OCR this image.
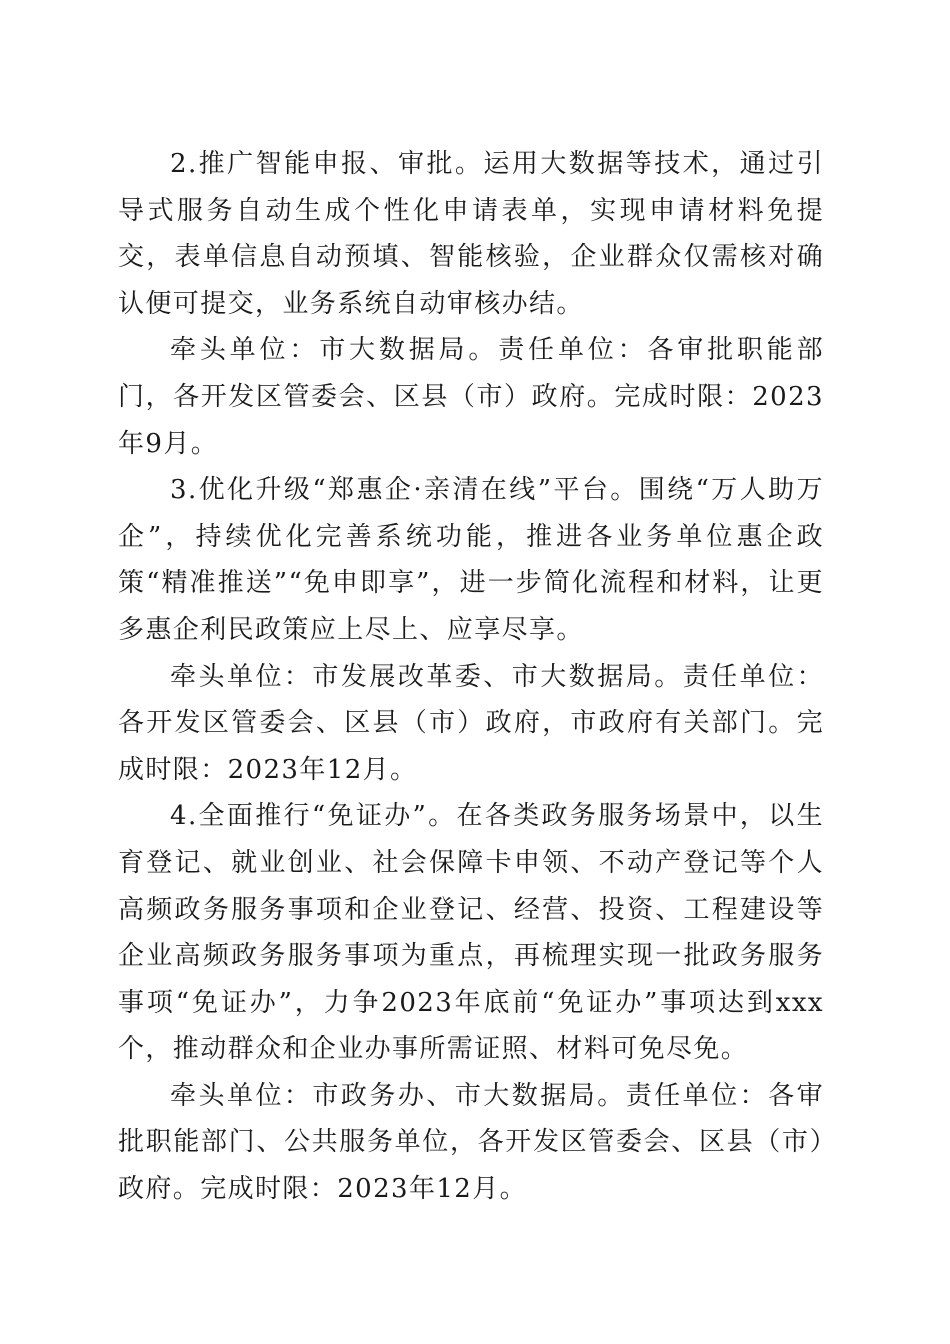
2.推广智能申报、审批。运用大数据等技术，通过引导式服务自动生成个性化申请表单，实现申请材料免提交，表单信息自动预填、智能核验，企业群众仅需核对确认便可提交，业务系统自动审核办结。

牵头单位：市大数据局。责任单位：各审批职能部门，各开发区管委会、区县（市）政府。完成时限：2023年9月。

3.优化升级“郑惠企·亲清在线”平台。围绕“万人助万企”，持续优化完善系统功能，推进各业务单位惠企政策“精准推送”“免申即享”，进一步简化流程和材料，让更多惠企利民政策应上尽上、应享尽享。

牵头单位：市发展改革委、市大数据局。责任单位：各开发区管委会、区县（市）政府，市政府有关部门。完成时限：2023年12月。

4.全面推行“免证办”。在各类政务服务场景中，以生育登记、就业创业、社会保障卡申领、不动产登记等个人高频政务服务事项和企业登记、经营、投资、工程建设等企业高频政务服务事项为重点，再梳理实现一批政务服务事项“免证办”，力争2023年底前“免证办”事项达到xxx个，推动群众和企业办事所需证照、材料可免尽免。

牵头单位：市政务办、市大数据局。责任单位：各审批职能部门、公共服务单位，各开发区管委会、区县（市）政府。完成时限：2023年12月。
